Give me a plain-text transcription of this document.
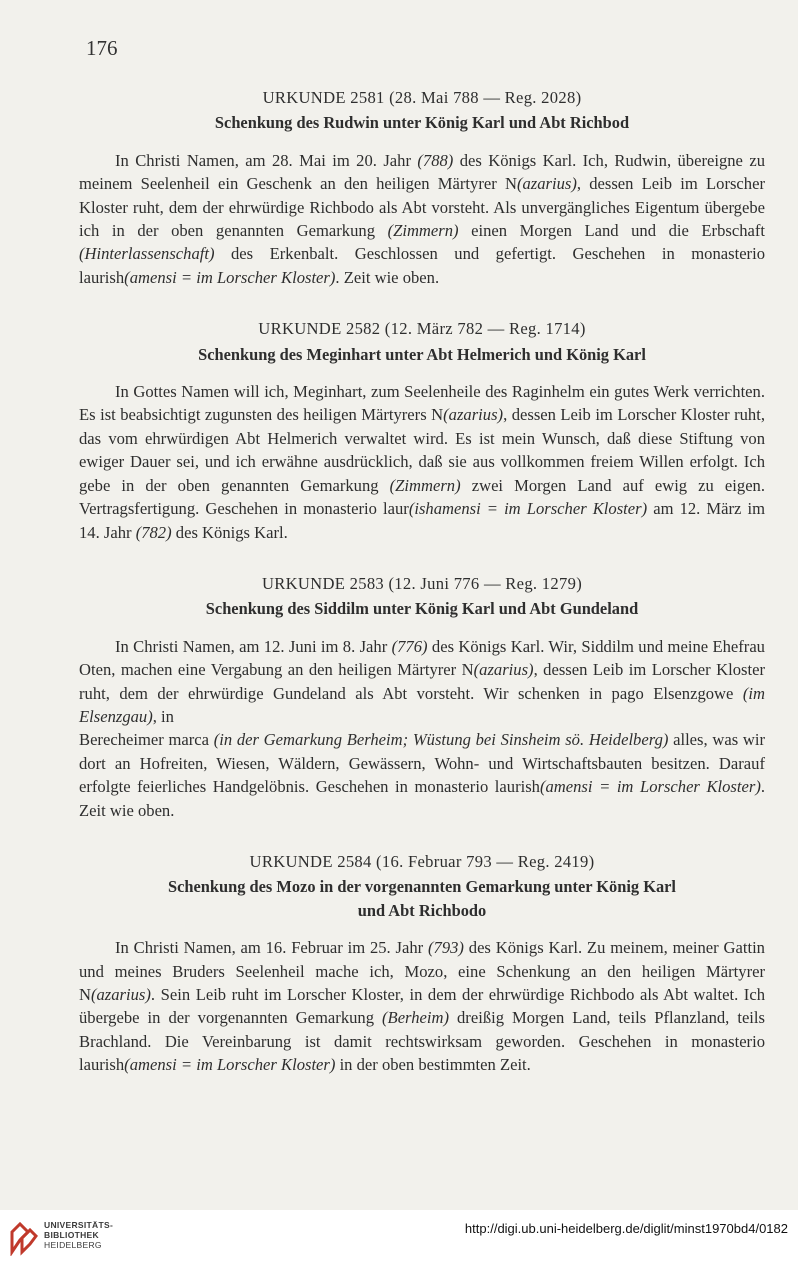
176

URKUNDE 2581 (28. Mai 788 — Reg. 2028)

Schenkung des Rudwin unter König Karl und Abt Richbod

In Christi Namen, am 28. Mai im 20. Jahr (788) des Königs Karl. Ich, Rudwin, übereigne zu meinem Seelenheil ein Geschenk an den heiligen Märtyrer N(azarius), dessen Leib im Lorscher Kloster ruht, dem der ehrwürdige Richbodo als Abt vorsteht. Als unvergängliches Eigentum übergebe ich in der oben genannten Gemarkung (Zimmern) einen Morgen Land und die Erbschaft (Hinterlassenschaft) des Erkenbalt. Geschlossen und gefertigt. Geschehen in monasterio laurish(amensi = im Lorscher Kloster). Zeit wie oben.

URKUNDE 2582 (12. März 782 — Reg. 1714)

Schenkung des Meginhart unter Abt Helmerich und König Karl

In Gottes Namen will ich, Meginhart, zum Seelenheile des Raginhelm ein gutes Werk verrichten. Es ist beabsichtigt zugunsten des heiligen Märtyrers N(azarius), dessen Leib im Lorscher Kloster ruht, das vom ehrwürdigen Abt Helmerich verwaltet wird. Es ist mein Wunsch, daß diese Stiftung von ewiger Dauer sei, und ich erwähne ausdrücklich, daß sie aus vollkommen freiem Willen erfolgt. Ich gebe in der oben genannten Gemarkung (Zimmern) zwei Morgen Land auf ewig zu eigen. Vertragsfertigung. Geschehen in monasterio laur(ishamensi = im Lorscher Kloster) am 12. März im 14. Jahr (782) des Königs Karl.

URKUNDE 2583 (12. Juni 776 — Reg. 1279)

Schenkung des Siddilm unter König Karl und Abt Gundeland

In Christi Namen, am 12. Juni im 8. Jahr (776) des Königs Karl. Wir, Siddilm und meine Ehefrau Oten, machen eine Vergabung an den heiligen Märtyrer N(azarius), dessen Leib im Lorscher Kloster ruht, dem der ehrwürdige Gundeland als Abt vorsteht. Wir schenken in pago Elsenzgowe (im Elsenzgau), in

Berecheimer marca (in der Gemarkung Berheim; Wüstung bei Sinsheim sö. Heidelberg) alles, was wir dort an Hofreiten, Wiesen, Wäldern, Gewässern, Wohn- und Wirtschaftsbauten besitzen. Darauf erfolgte feierliches Handgelöbnis. Geschehen in monasterio laurish(amensi = im Lorscher Kloster). Zeit wie oben.

URKUNDE 2584 (16. Februar 793 — Reg. 2419)

Schenkung des Mozo in der vorgenannten Gemarkung unter König Karl
und Abt Richbodo

In Christi Namen, am 16. Februar im 25. Jahr (793) des Königs Karl. Zu meinem, meiner Gattin und meines Bruders Seelenheil mache ich, Mozo, eine Schenkung an den heiligen Märtyrer N(azarius). Sein Leib ruht im Lorscher Kloster, in dem der ehrwürdige Richbodo als Abt waltet. Ich übergebe in der vorgenannten Gemarkung (Berheim) dreißig Morgen Land, teils Pflanzland, teils Brachland. Die Vereinbarung ist damit rechtswirksam geworden. Geschehen in monasterio laurish(amensi = im Lorscher Kloster) in der oben bestimmten Zeit.

UNIVERSITÄTS-
BIBLIOTHEK
HEIDELBERG
http://digi.ub.uni-heidelberg.de/diglit/minst1970bd4/0182
